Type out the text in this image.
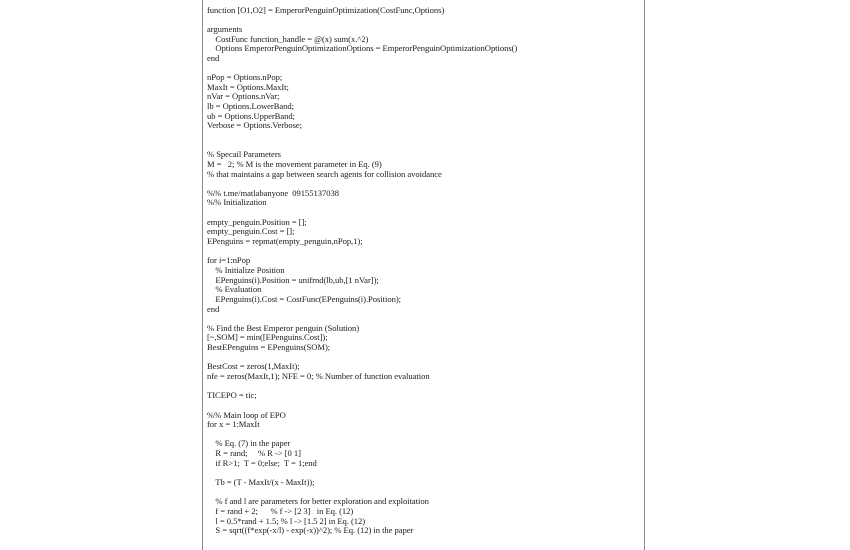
function [O1,O2] = EmperorPenguinOptimization(CostFunc,Options)
arguments
CostFunc function_handle = @(x) sum(x.^2)
Options EmperorPenguinOptimizationOptions = EmperorPenguinOptimizationOptions()
end
nPop = Options.nPop;
MaxIt = Options.MaxIt;
nVar = Options.nVar;
lb = Options.LowerBand;
ub = Options.UpperBand;
Verbose = Options.Verbose;
% Specail Parameters
M =   2; % M is the movement parameter in Eq. (9)
% that maintains a gap between search agents for collision avoidance
%% t.me/matlabanyone  09155137038
%% Initialization
empty_penguin.Position = [];
empty_penguin.Cost = [];
EPenguins = repmat(empty_penguin,nPop,1);
for i=1:nPop
% Initialize Position
EPenguins(i).Position = unifrnd(lb,ub,[1 nVar]);
% Evaluation
EPenguins(i).Cost = CostFunc(EPenguins(i).Position);
end
% Find the Best Emperor penguin (Solution)
[~,SOM] = min([EPenguins.Cost]);
BestEPenguins = EPenguins(SOM);
BestCost = zeros(1,MaxIt);
nfe = zeros(MaxIt,1); NFE = 0; % Number of function evaluation
TICEPO = tic;
%% Main loop of EPO
for x = 1:MaxIt
% Eq. (7) in the paper
R = rand;     % R -> [0 1]
if R>1;  T = 0;else;  T = 1;end
Tb = (T - MaxIt/(x - MaxIt));
% f and l are parameters for better exploration and exploitation
f = rand + 2;      % f -> [2 3]   in Eq. (12)
l = 0.5*rand + 1.5; % l -> [1.5 2] in Eq. (12)
S = sqrt((f*exp(-x/l) - exp(-x))^2); % Eq. (12) in the paper
